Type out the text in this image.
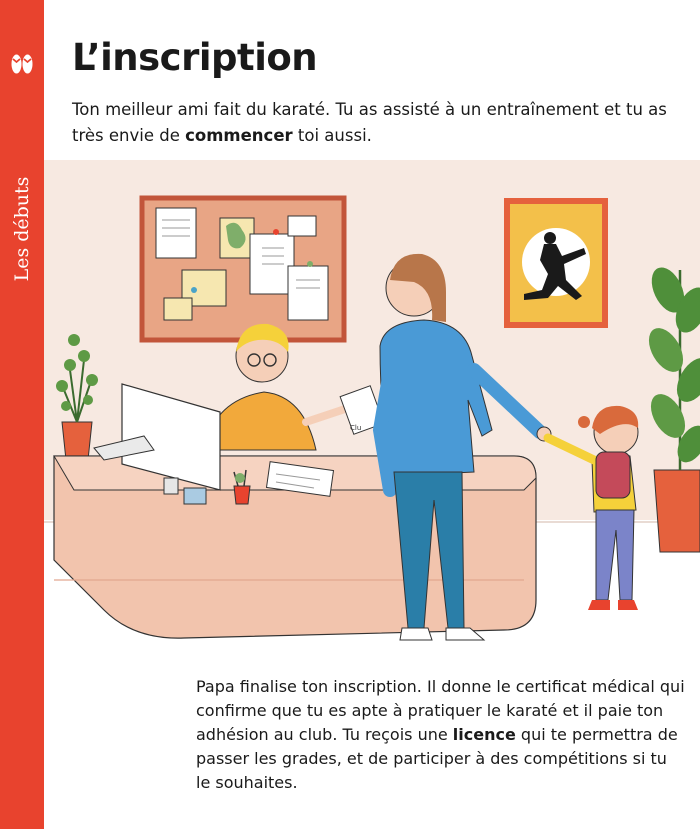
Les débuts
L’inscription

Ton meilleur ami fait du karaté. Tu as assisté à un entraînement et tu as très envie de commencer toi aussi.

Clu

Papa finalise ton inscription. Il donne le certificat médical qui confirme que tu es apte à pratiquer le karaté et il paie ton adhésion au club. Tu reçois une licence qui te permettra de passer les grades, et de participer à des compétitions si tu le souhaites.
